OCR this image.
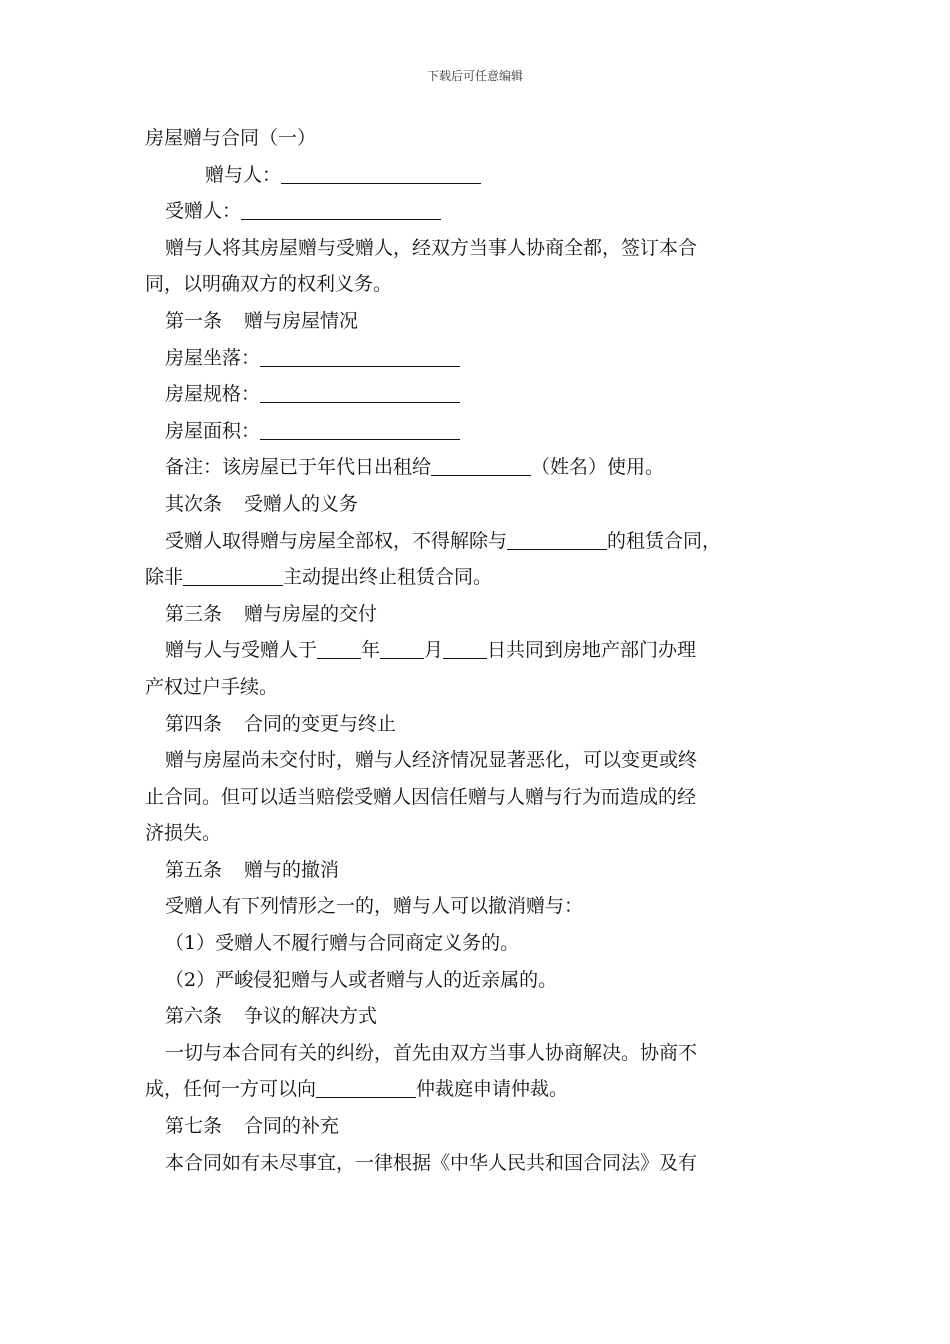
下载后可任意编辑
房屋赠与合同（一）
赠与人：
受赠人：
赠与人将其房屋赠与受赠人，经双方当事人协商全都，签订本合
同，以明确双方的权利义务。
第一条 赠与房屋情况
房屋坐落：
房屋规格：
房屋面积：
备注：该房屋已于年代日出租给	（姓名）使用。
其次条 受赠人的义务
受赠人取得赠与房屋全部权，不得解除与	的租赁合同，
除非	主动提出终止租赁合同。
第三条 赠与房屋的交付
赠与人与受赠人于 年 月 日共同到房地产部门办理
产权过户手续。
第四条 合同的变更与终止
赠与房屋尚未交付时，赠与人经济情况显著恶化，可以变更或终
止合同。但可以适当赔偿受赠人因信任赠与人赠与行为而造成的经
济损失。
第五条 赠与的撤消
受赠人有下列情形之一的，赠与人可以撤消赠与：
（1）受赠人不履行赠与合同商定义务的。
（2）严峻侵犯赠与人或者赠与人的近亲属的。
第六条 争议的解决方式
一切与本合同有关的纠纷，首先由双方当事人协商解决。协商不
成，任何一方可以向	仲裁庭申请仲裁。
第七条 合同的补充
本合同如有未尽事宜，一律根据《中华人民共和国合同法》及有
